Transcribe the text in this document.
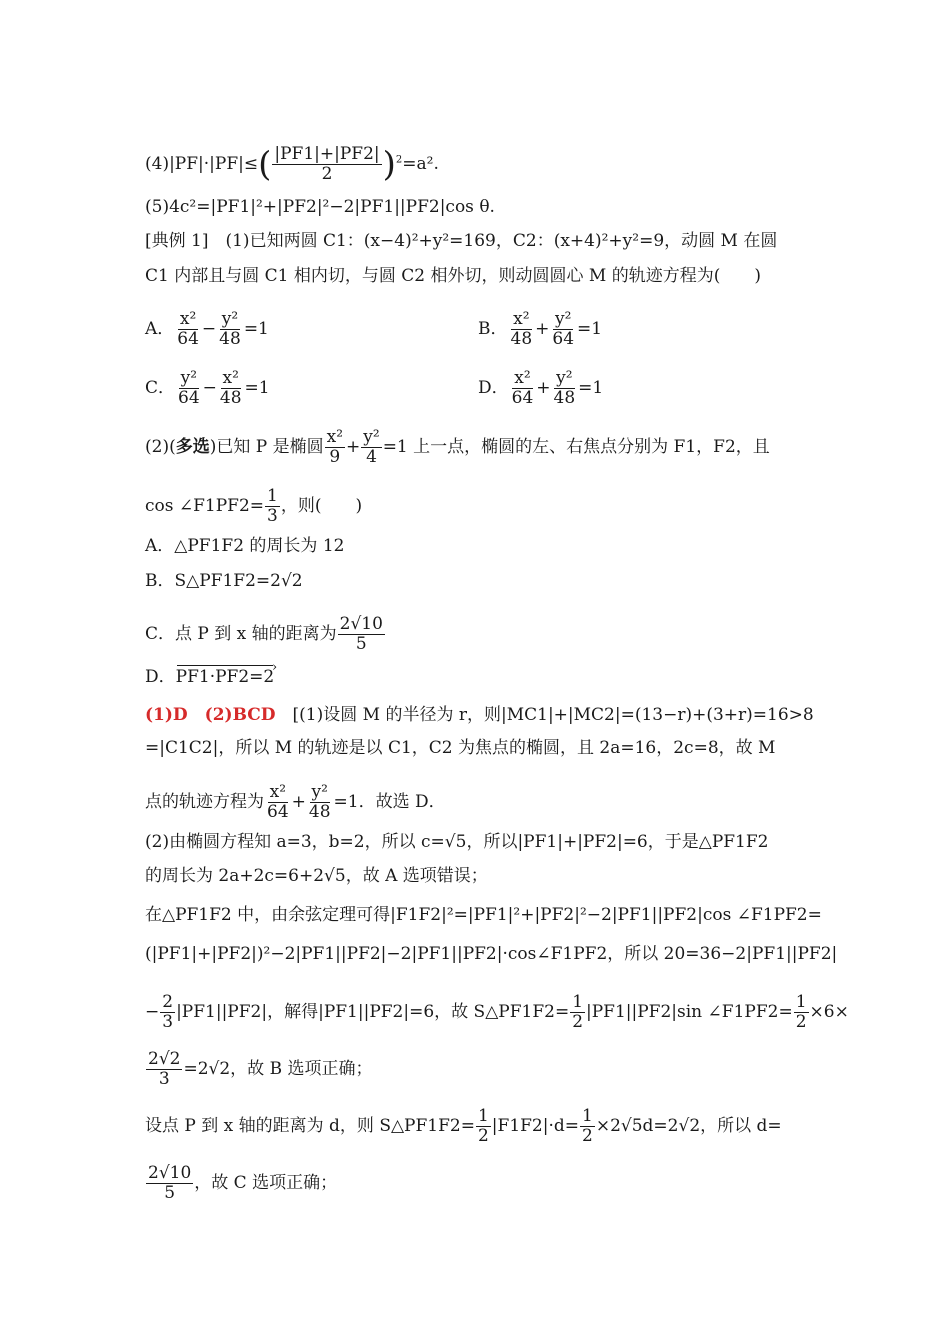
$(4)|PF|\cdot|PF|\le( \frac{|PF1|+|PF2|}{2} )^2=a^2$.
(5)4c²=|PF1|²+|PF2|²−2|PF1||PF2|cos θ.
[典例 1]　 (1)已知两圆 C1：(x−4)²+y²=169，C2：(x+4)²+y²=9，动圆 M 在圆
C1 内部且与圆 C1 相内切，与圆 C2 相外切，则动圆圆心 M 的轨迹方程为(　　)
A． $\frac{\text{x²}}{64} - \frac{\text{y²}}{48} =1$	B． $\frac{\text{x²}}{48} + \frac{\text{y²}}{64} =1$
C． $\frac{\text{y²}}{64} - \frac{\text{x²}}{48} =1$	D． $\frac{\text{x²}}{64} + \frac{\text{y²}}{48} =1$
(2)(多选)已知 P 是椭圆 $\frac{\text{x²}}{9} + \frac{\text{y²}}{4} =1$ 上一点，椭圆的左、右焦点分别为 F1，F2，且
cos ∠F1PF2= $\frac{1}{3}$ ，则(　　)
A．△PF1F2 的周长为 12
B．S△PF1F2=2√2
C．点 P 到 x 轴的距离为 $\frac{2√10}{5}$
D．PF1·PF2=2 ›
(1)D　(2)BCD　 [(1)设圆 M 的半径为 r，则|MC1|+|MC2|=(13−r)+(3+r)=16>8
=|C1C2|，所以 M 的轨迹是以 C1，C2 为焦点的椭圆，且 2a=16，2c=8，故 M
点的轨迹方程为 $\frac{\text{x²}}{64} + \frac{\text{y²}}{48} =1$．故选 D．
(2)由椭圆方程知 a=3，b=2，所以 c=√5，所以|PF1|+|PF2|=6，于是△PF1F2
的周长为 2a+2c=6+2√5，故 A 选项错误；
在△PF1F2 中，由余弦定理可得|F1F2|²=|PF1|²+|PF2|²−2|PF1||PF2|cos ∠F1PF2=
(|PF1|+|PF2|)²−2|PF1||PF2|−2|PF1||PF2|·cos∠F1PF2，所以 20=36−2|PF1||PF2|
− $\frac{2}{3} |PF1||PF2|$，解得|PF1||PF2|=6，故 S△PF1F2= $\frac{1}{2} |PF1||PF2|\sin$ ∠F1PF2= $\frac{1}{2} \times 6\times$
$\frac{2√2}{3} =2√2$，故 B 选项正确；
设点 P 到 x 轴的距离为 d，则 S△PF1F2= $\frac{1}{2} |F1F2|\cdot d= \frac{1}{2} \times 2√5d=2√2$，所以 d=
$\frac{2√10}{5}$ ，故 C 选项正确；
